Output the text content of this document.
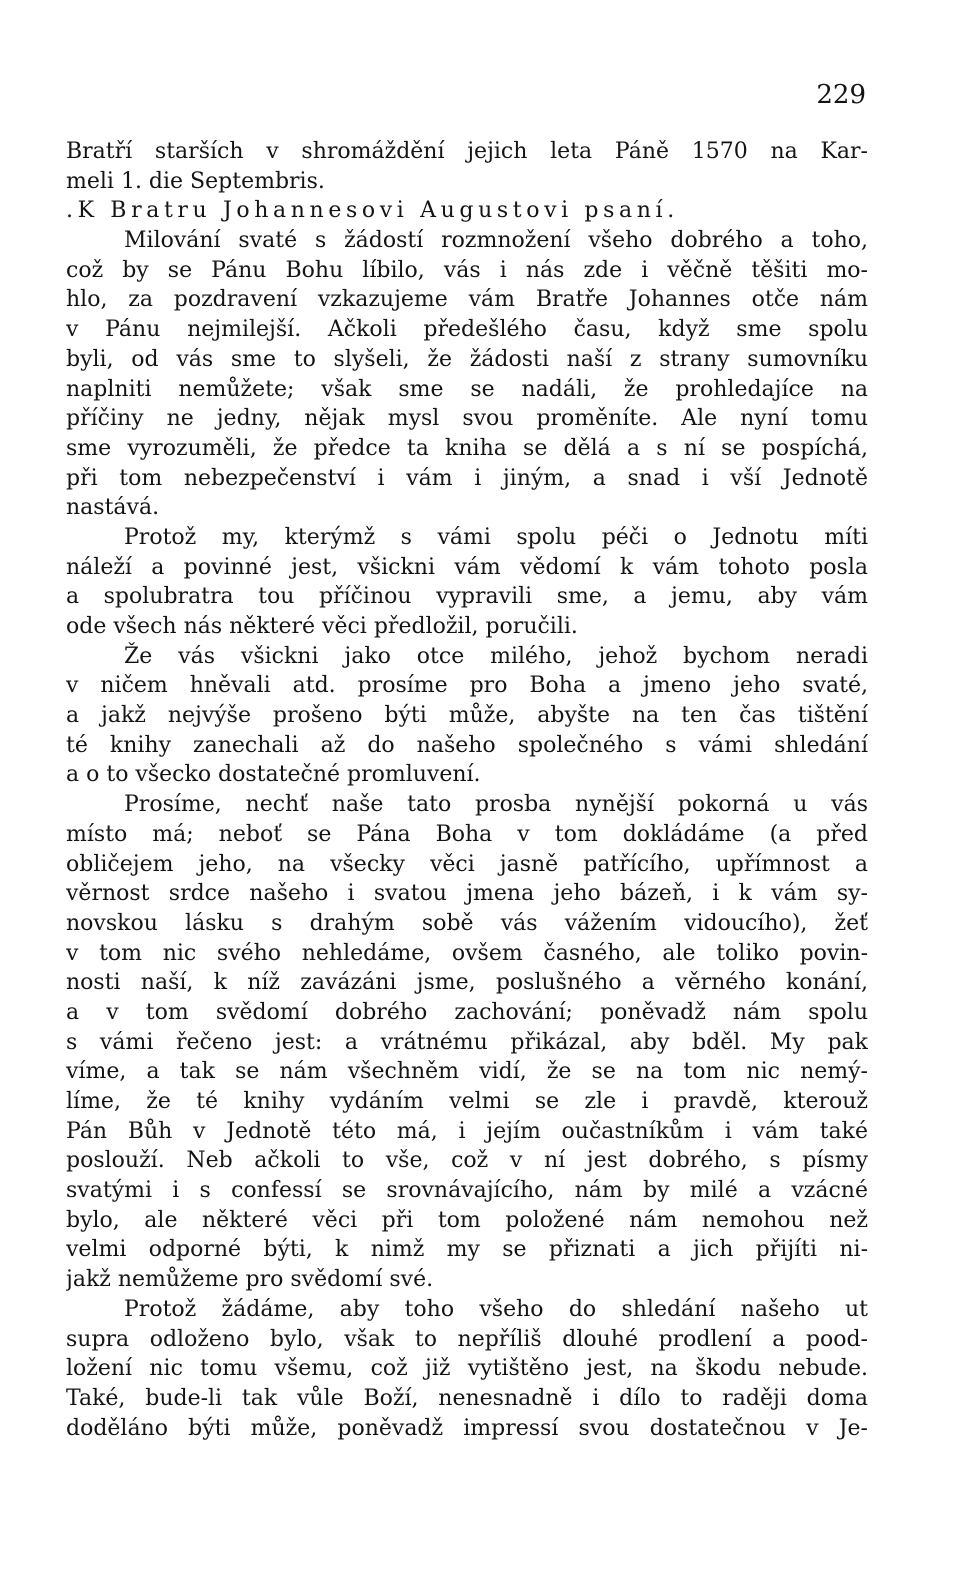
229
Bratří starších v shromáždění jejich leta Páně 1570 na Kar-
meli 1. die Septembris.
.K Bratru Johannesovi Augustovi psaní.
Milování svaté s žádostí rozmnožení všeho dobrého a toho,
což by se Pánu Bohu líbilo, vás i nás zde i věčně těšiti mo-
hlo, za pozdravení vzkazujeme vám Bratře Johannes otče nám
v Pánu nejmilejší. Ačkoli předešlého času, když sme spolu
byli, od vás sme to slyšeli, že žádosti naší z strany sumovníku
naplniti nemůžete; však sme se nadáli, že prohledajíce na
příčiny ne jedny, nějak mysl svou proměníte. Ale nyní tomu
sme vyrozuměli, že předce ta kniha se dělá a s ní se pospíchá,
při tom nebezpečenství i vám i jiným, a snad i vší Jednotě
nastává.
Protož my, kterýmž s vámi spolu péči o Jednotu míti
náleží a povinné jest, všickni vám vědomí k vám tohoto posla
a spolubratra tou příčinou vypravili sme, a jemu, aby vám
ode všech nás některé věci předložil, poručili.
Že vás všickni jako otce milého, jehož bychom neradi
v ničem hněvali atd. prosíme pro Boha a jmeno jeho svaté,
a jakž nejvýše prošeno býti může, abyšte na ten čas tištění
té knihy zanechali až do našeho společného s vámi shledání
a o to všecko dostatečné promluvení.
Prosíme, nechť naše tato prosba nynější pokorná u vás
místo má; neboť se Pána Boha v tom dokládáme (a před
obličejem jeho, na všecky věci jasně patřícího, upřímnost a
věrnost srdce našeho i svatou jmena jeho bázeň, i k vám sy-
novskou lásku s drahým sobě vás vážením vidoucího), žeť
v tom nic svého nehledáme, ovšem časného, ale toliko povin-
nosti naší, k níž zavázáni jsme, poslušného a věrného konání,
a v tom svědomí dobrého zachování; poněvadž nám spolu
s vámi řečeno jest: a vrátnému přikázal, aby bděl. My pak
víme, a tak se nám všechněm vidí, že se na tom nic nemý-
líme, že té knihy vydáním velmi se zle i pravdě, kterouž
Pán Bůh v Jednotě této má, i jejím oučastníkům i vám také
poslouží. Neb ačkoli to vše, což v ní jest dobrého, s písmy
svatými i s confessí se srovnávajícího, nám by milé a vzácné
bylo, ale některé věci při tom položené nám nemohou než
velmi odporné býti, k nimž my se přiznati a jich přijíti ni-
jakž nemůžeme pro svědomí své.
Protož žádáme, aby toho všeho do shledání našeho ut
supra odloženo bylo, však to nepříliš dlouhé prodlení a pood-
ložení nic tomu všemu, což již vytištěno jest, na škodu nebude.
Také, bude-li tak vůle Boží, nenesnadně i dílo to raději doma
doděláno býti může, poněvadž impressí svou dostatečnou v Je-
